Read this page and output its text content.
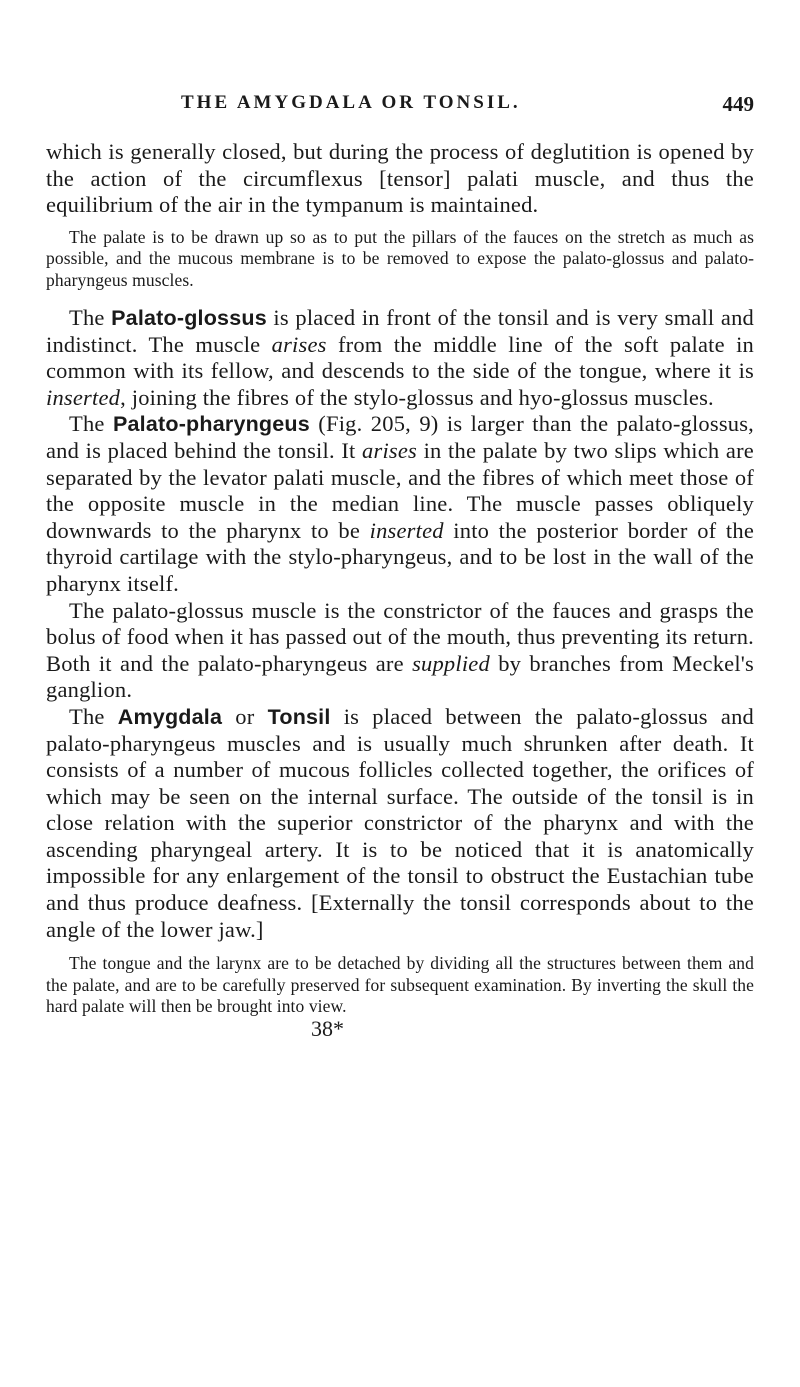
THE AMYGDALA OR TONSIL.	449

which is generally closed, but during the process of deglutition is opened by the action of the circumflexus [tensor] palati muscle, and thus the equilibrium of the air in the tympanum is maintained.

The palate is to be drawn up so as to put the pillars of the fauces on the stretch as much as possible, and the mucous membrane is to be removed to expose the palato-glossus and palato-pharyngeus muscles.

The Palato-glossus is placed in front of the tonsil and is very small and indistinct. The muscle arises from the middle line of the soft palate in common with its fellow, and descends to the side of the tongue, where it is inserted, joining the fibres of the stylo-glossus and hyo-glossus muscles.

The Palato-pharyngeus (Fig. 205, 9) is larger than the palato-glossus, and is placed behind the tonsil. It arises in the palate by two slips which are separated by the levator palati muscle, and the fibres of which meet those of the opposite muscle in the median line. The muscle passes obliquely downwards to the pharynx to be inserted into the posterior border of the thyroid cartilage with the stylo-pharyngeus, and to be lost in the wall of the pharynx itself.

The palato-glossus muscle is the constrictor of the fauces and grasps the bolus of food when it has passed out of the mouth, thus preventing its return. Both it and the palato-pharyngeus are supplied by branches from Meckel's ganglion.

The Amygdala or Tonsil is placed between the palato-glossus and palato-pharyngeus muscles and is usually much shrunken after death. It consists of a number of mucous follicles collected together, the orifices of which may be seen on the internal surface. The outside of the tonsil is in close relation with the superior constrictor of the pharynx and with the ascending pharyngeal artery. It is to be noticed that it is anatomically impossible for any enlargement of the tonsil to obstruct the Eustachian tube and thus produce deafness. [Externally the tonsil corresponds about to the angle of the lower jaw.]

The tongue and the larynx are to be detached by dividing all the structures between them and the palate, and are to be carefully preserved for subsequent examination. By inverting the skull the hard palate will then be brought into view.

38*
